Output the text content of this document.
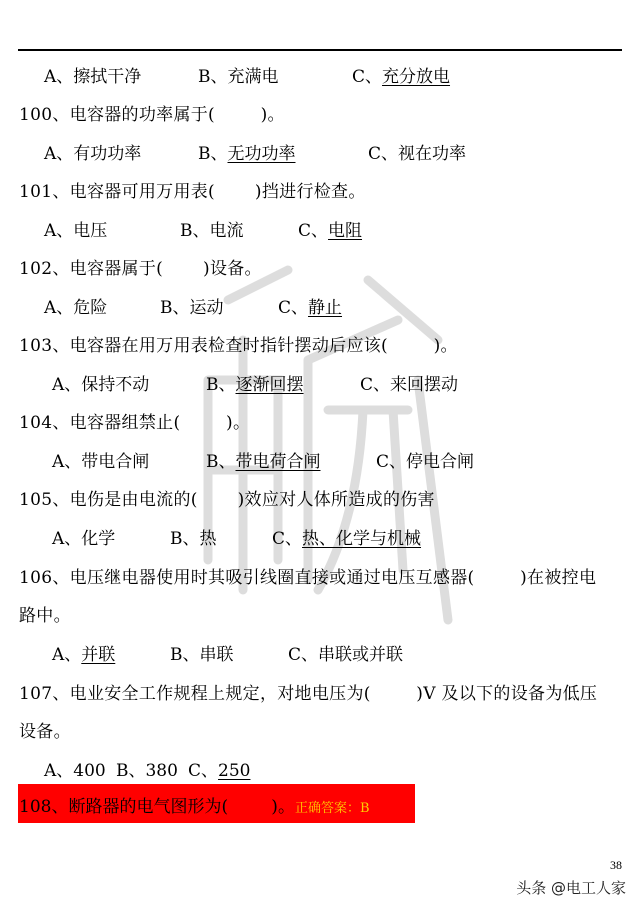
A、擦拭干净	B、充满电	C、充分放电
100、电容器的功率属于(        )。
A、有功功率	B、无功功率	C、视在功率
101、电容器可用万用表(       )挡进行检查。
A、电压	B、电流	C、电阻
102、电容器属于(       )设备。
A、危险	B、运动	C、静止
103、电容器在用万用表检查时指针摆动后应该(        )。
A、保持不动	B、逐渐回摆	C、来回摆动
104、电容器组禁止(        )。
A、带电合闸	B、带电荷合闸	C、停电合闸
105、电伤是由电流的(       )效应对人体所造成的伤害
A、化学	B、热	C、热、化学与机械
106、电压继电器使用时其吸引线圈直接或通过电压互感器(        )在被控电
路中。
A、并联	B、串联	C、串联或并联
107、电业安全工作规程上规定，对地电压为(        )V 及以下的设备为低压
设备。
A、400 B、380 C、250
108、断路器的电气图形为(        )。正确答案：B
38
头条 @电工人家
